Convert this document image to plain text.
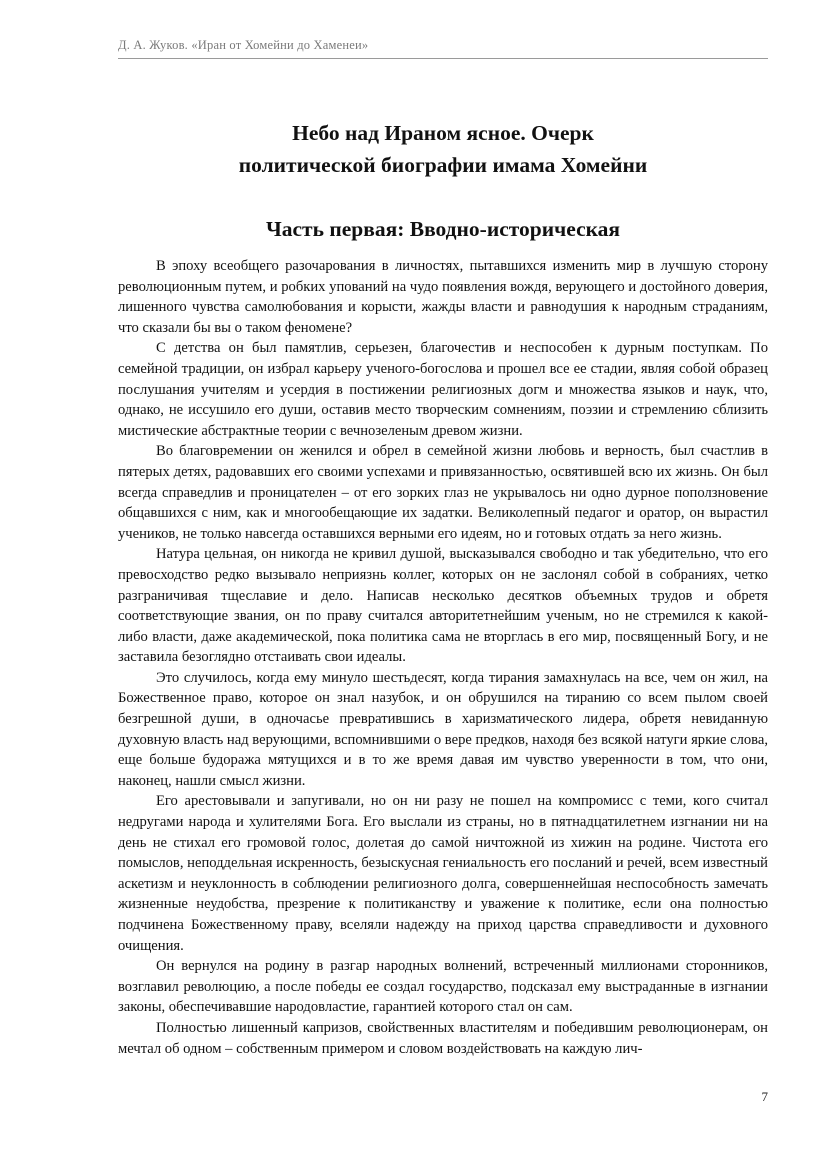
Д. А. Жуков. «Иран от Хомейни до Хаменеи»
Небо над Ираном ясное. Очерк
политической биографии имама Хомейни
Часть первая: Вводно-историческая

В эпоху всеобщего разочарования в личностях, пытавшихся изменить мир в лучшую сторону революционным путем, и робких упований на чудо появления вождя, верующего и достойного доверия, лишенного чувства самолюбования и корысти, жажды власти и равнодушия к народным страданиям, что сказали бы вы о таком феномене?

С детства он был памятлив, серьезен, благочестив и неспособен к дурным поступкам. По семейной традиции, он избрал карьеру ученого-богослова и прошел все ее стадии, являя собой образец послушания учителям и усердия в постижении религиозных догм и множества языков и наук, что, однако, не иссушило его души, оставив место творческим сомнениям, поэзии и стремлению сблизить мистические абстрактные теории с вечнозеленым древом жизни.

Во благовремении он женился и обрел в семейной жизни любовь и верность, был счастлив в пятерых детях, радовавших его своими успехами и привязанностью, освятившей всю их жизнь. Он был всегда справедлив и проницателен – от его зорких глаз не укрывалось ни одно дурное поползновение общавшихся с ним, как и многообещающие их задатки. Великолепный педагог и оратор, он вырастил учеников, не только навсегда оставшихся верными его идеям, но и готовых отдать за него жизнь.

Натура цельная, он никогда не кривил душой, высказывался свободно и так убедительно, что его превосходство редко вызывало неприязнь коллег, которых он не заслонял собой в собраниях, четко разграничивая тщеславие и дело. Написав несколько десятков объемных трудов и обретя соответствующие звания, он по праву считался авторитетнейшим ученым, но не стремился к какой-либо власти, даже академической, пока политика сама не вторглась в его мир, посвященный Богу, и не заставила безоглядно отстаивать свои идеалы.

Это случилось, когда ему минуло шестьдесят, когда тирания замахнулась на все, чем он жил, на Божественное право, которое он знал назубок, и он обрушился на тиранию со всем пылом своей безгрешной души, в одночасье превратившись в харизматического лидера, обретя невиданную духовную власть над верующими, вспомнившими о вере предков, находя без всякой натуги яркие слова, еще больше будоража мятущихся и в то же время давая им чувство уверенности в том, что они, наконец, нашли смысл жизни.

Его арестовывали и запугивали, но он ни разу не пошел на компромисс с теми, кого считал недругами народа и хулителями Бога. Его выслали из страны, но в пятнадцатилетнем изгнании ни на день не стихал его громовой голос, долетая до самой ничтожной из хижин на родине. Чистота его помыслов, неподдельная искренность, безыскусная гениальность его посланий и речей, всем известный аскетизм и неуклонность в соблюдении религиозного долга, совершеннейшая неспособность замечать жизненные неудобства, презрение к политиканству и уважение к политике, если она полностью подчинена Божественному праву, вселяли надежду на приход царства справедливости и духовного очищения.

Он вернулся на родину в разгар народных волнений, встреченный миллионами сторонников, возглавил революцию, а после победы ее создал государство, подсказал ему выстраданные в изгнании законы, обеспечивавшие народовластие, гарантией которого стал он сам.

Полностью лишенный капризов, свойственных властителям и победившим революционерам, он мечтал об одном – собственным примером и словом воздействовать на каждую лич-

7
